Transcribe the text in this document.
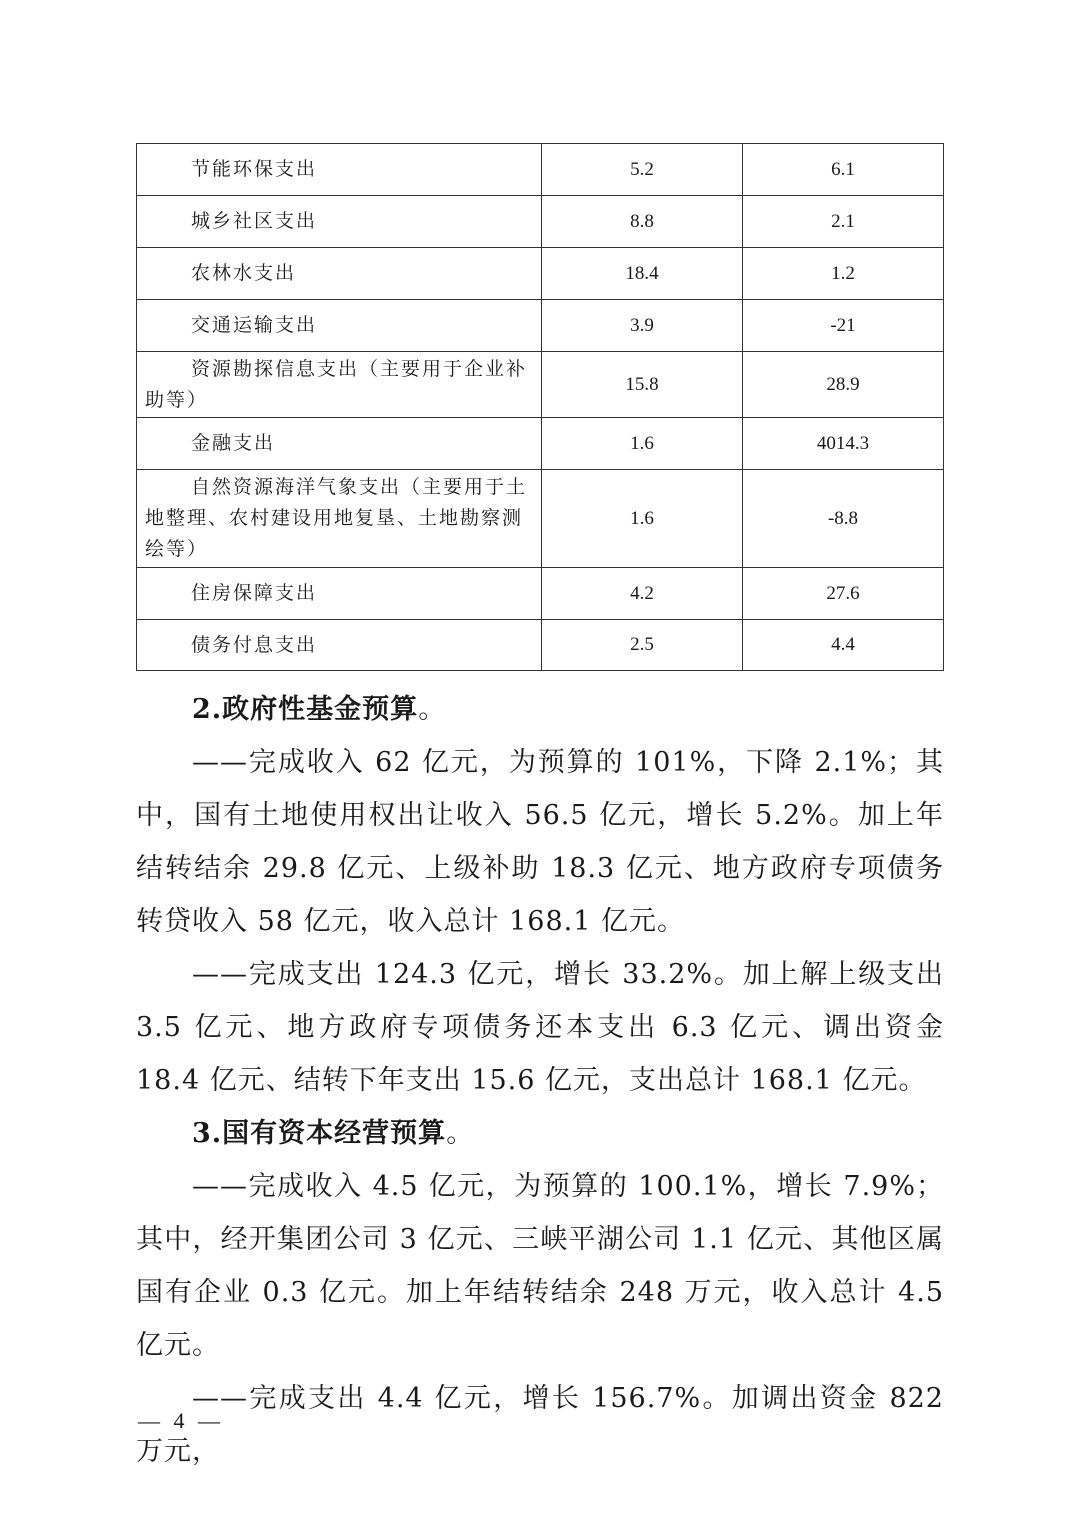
节能环保支出	5.2	6.1

城乡社区支出	8.8	2.1

农林水支出	18.4	1.2

交通运输支出	3.9	-21

资源勘探信息支出（主要用于企业补助等）	15.8	28.9

金融支出	1.6	4014.3

自然资源海洋气象支出（主要用于土地整理、农村建设用地复垦、土地勘察测绘等）	1.6	-8.8

住房保障支出	4.2	27.6

债务付息支出	2.5	4.4

2.政府性基金预算。

——完成收入 62 亿元，为预算的 101%，下降 2.1%；其中，国有土地使用权出让收入 56.5 亿元，增长 5.2%。加上年结转结余 29.8 亿元、上级补助 18.3 亿元、地方政府专项债务转贷收入 58 亿元，收入总计 168.1 亿元。

——完成支出 124.3 亿元，增长 33.2%。加上解上级支出 3.5 亿元、地方政府专项债务还本支出 6.3 亿元、调出资金 18.4 亿元、结转下年支出 15.6 亿元，支出总计 168.1 亿元。

3.国有资本经营预算。

——完成收入 4.5 亿元，为预算的 100.1%，增长 7.9%；其中，经开集团公司 3 亿元、三峡平湖公司 1.1 亿元、其他区属国有企业 0.3 亿元。加上年结转结余 248 万元，收入总计 4.5 亿元。

——完成支出 4.4 亿元，增长 156.7%。加调出资金 822 万元，

— 4 —
